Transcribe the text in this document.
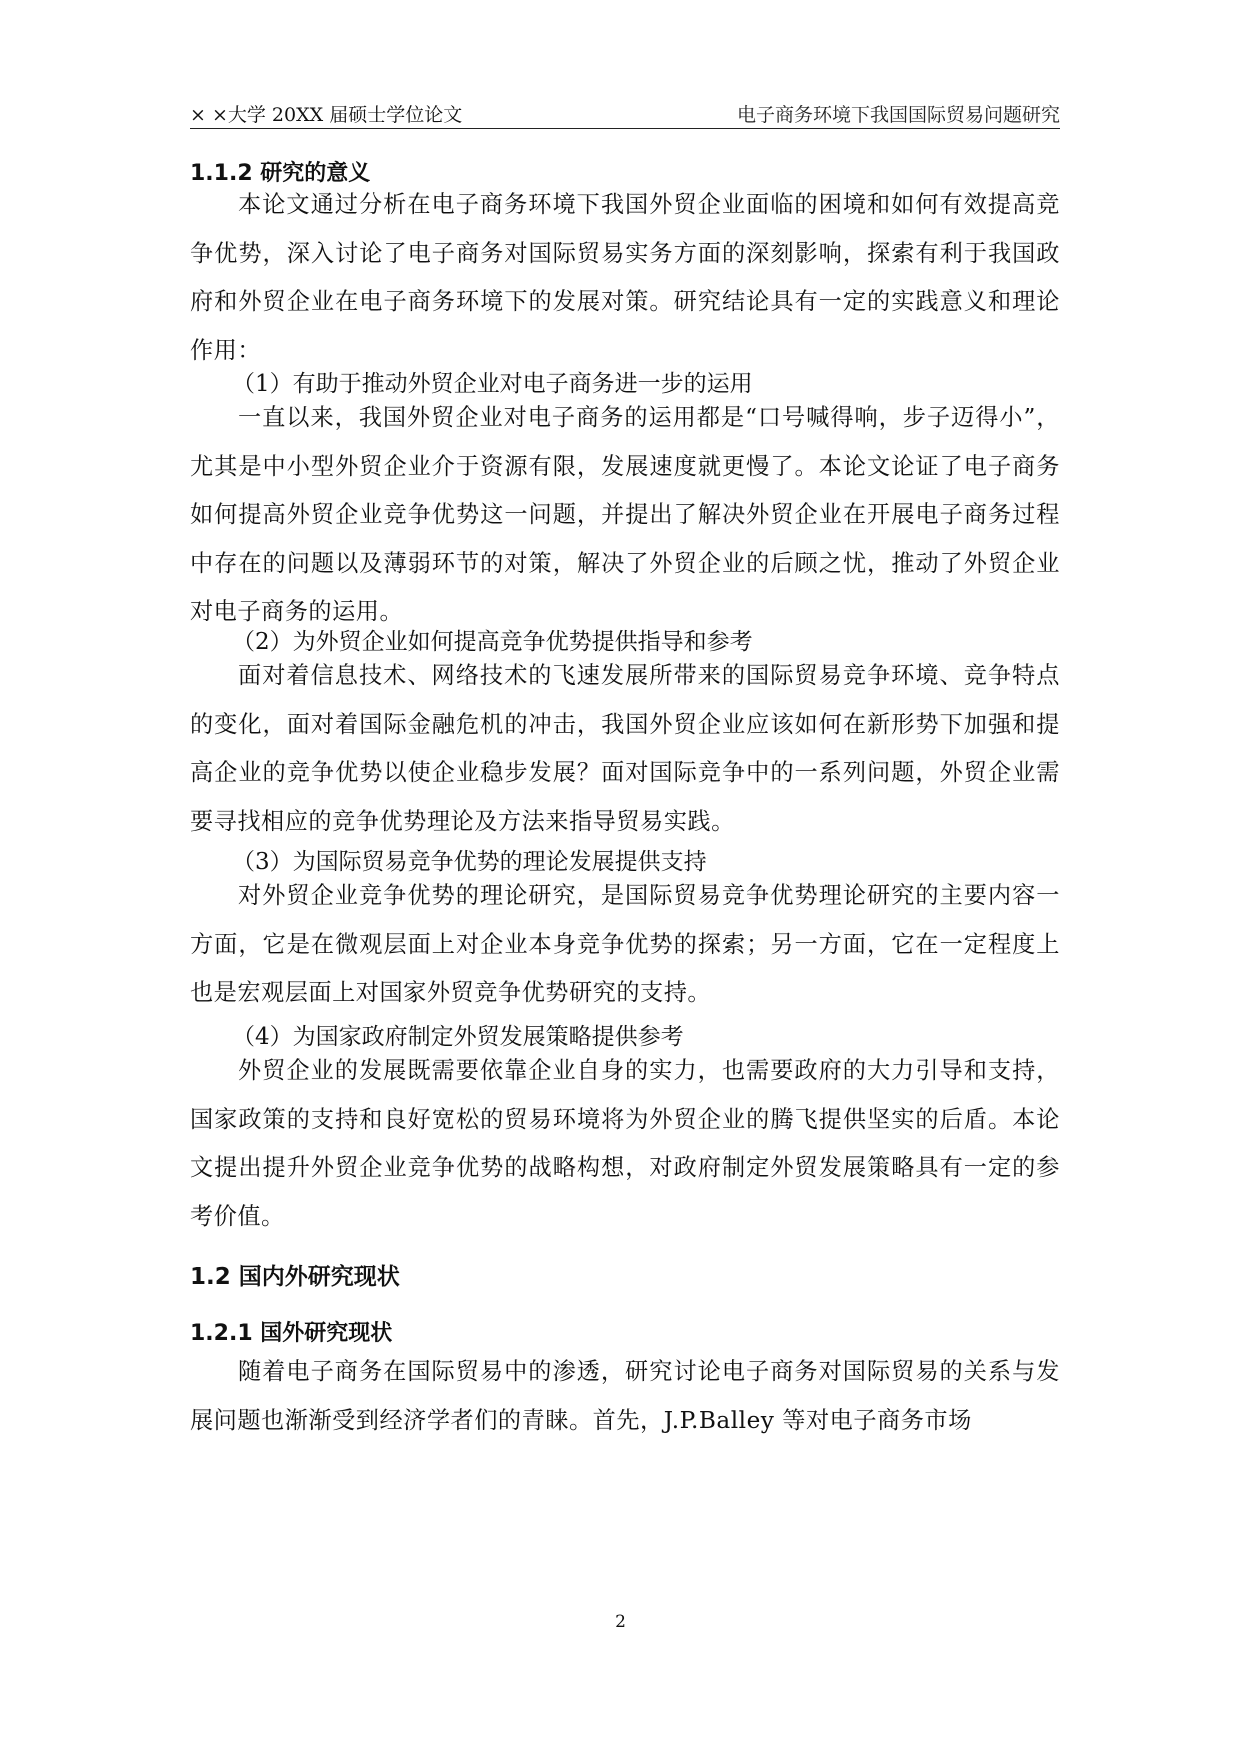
× ×大学 20XX 届硕士学位论文	电子商务环境下我国国际贸易问题研究
1.1.2 研究的意义
本论文通过分析在电子商务环境下我国外贸企业面临的困境和如何有效提高竞争优势，深入讨论了电子商务对国际贸易实务方面的深刻影响，探索有利于我国政府和外贸企业在电子商务环境下的发展对策。研究结论具有一定的实践意义和理论作用：
（1）有助于推动外贸企业对电子商务进一步的运用
一直以来，我国外贸企业对电子商务的运用都是“口号喊得响，步子迈得小”，尤其是中小型外贸企业介于资源有限，发展速度就更慢了。本论文论证了电子商务如何提高外贸企业竞争优势这一问题，并提出了解决外贸企业在开展电子商务过程中存在的问题以及薄弱环节的对策，解决了外贸企业的后顾之忧，推动了外贸企业对电子商务的运用。
（2）为外贸企业如何提高竞争优势提供指导和参考
面对着信息技术、网络技术的飞速发展所带来的国际贸易竞争环境、竞争特点的变化，面对着国际金融危机的冲击，我国外贸企业应该如何在新形势下加强和提高企业的竞争优势以使企业稳步发展？面对国际竞争中的一系列问题，外贸企业需要寻找相应的竞争优势理论及方法来指导贸易实践。
（3）为国际贸易竞争优势的理论发展提供支持
对外贸企业竞争优势的理论研究，是国际贸易竞争优势理论研究的主要内容一方面，它是在微观层面上对企业本身竞争优势的探索；另一方面，它在一定程度上也是宏观层面上对国家外贸竞争优势研究的支持。
（4）为国家政府制定外贸发展策略提供参考
外贸企业的发展既需要依靠企业自身的实力，也需要政府的大力引导和支持，国家政策的支持和良好宽松的贸易环境将为外贸企业的腾飞提供坚实的后盾。本论文提出提升外贸企业竞争优势的战略构想，对政府制定外贸发展策略具有一定的参考价值。
1.2 国内外研究现状
1.2.1 国外研究现状
随着电子商务在国际贸易中的渗透，研究讨论电子商务对国际贸易的关系与发展问题也渐渐受到经济学者们的青睐。首先，J.P.Balley 等对电子商务市场
2
